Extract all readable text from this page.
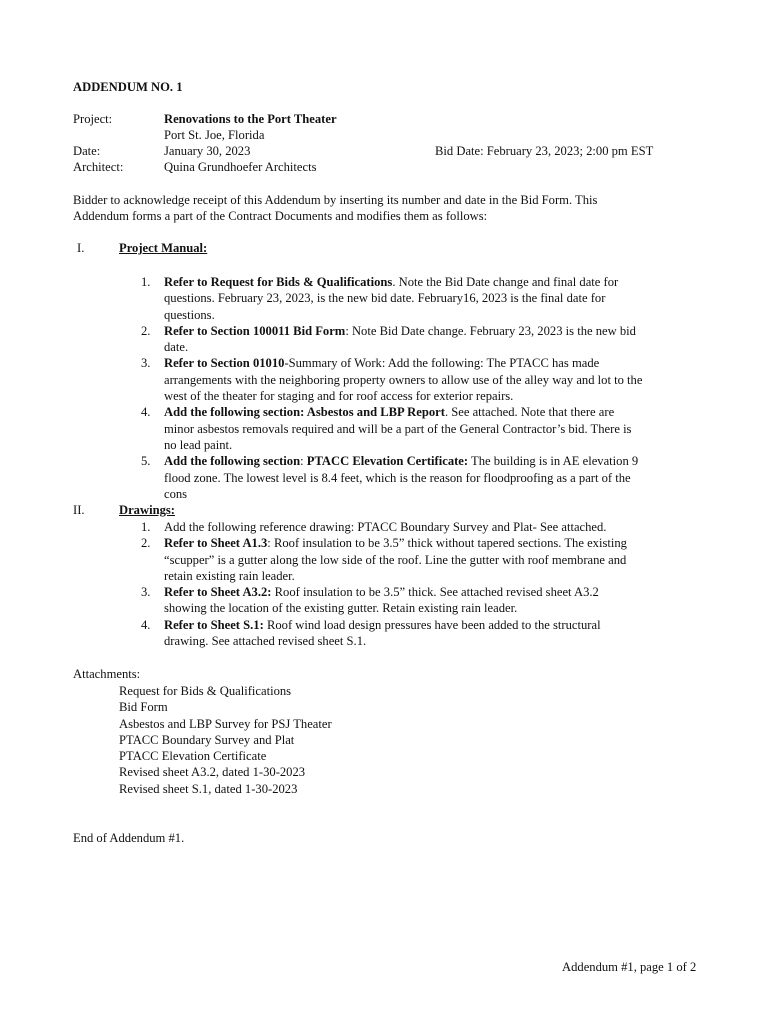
ADDENDUM NO. 1
Project:	Renovations to the Port Theater
Port St. Joe, Florida
Date:	January 30, 2023	Bid Date: February 23, 2023; 2:00 pm EST
Architect:	Quina Grundhoefer Architects
Bidder to acknowledge receipt of this Addendum by inserting its number and date in the Bid Form. This
Addendum forms a part of the Contract Documents and modifies them as follows:
I.	Project Manual:
1. Refer to Request for Bids & Qualifications. Note the Bid Date change and final date for
questions. February 23, 2023, is the new bid date. February16, 2023 is the final date for
questions.
2. Refer to Section 100011 Bid Form: Note Bid Date change. February 23, 2023 is the new bid
date.
3. Refer to Section 01010-Summary of Work: Add the following: The PTACC has made
arrangements with the neighboring property owners to allow use of the alley way and lot to the
west of the theater for staging and for roof access for exterior repairs.
4. Add the following section: Asbestos and LBP Report. See attached. Note that there are
minor asbestos removals required and will be a part of the General Contractor’s bid. There is
no lead paint.
5. Add the following section: PTACC Elevation Certificate: The building is in AE elevation 9
flood zone. The lowest level is 8.4 feet, which is the reason for floodproofing as a part of the
cons
II.	Drawings:
1. Add the following reference drawing: PTACC Boundary Survey and Plat- See attached.
2. Refer to Sheet A1.3: Roof insulation to be 3.5” thick without tapered sections. The existing
“scupper” is a gutter along the low side of the roof. Line the gutter with roof membrane and
retain existing rain leader.
3. Refer to Sheet A3.2: Roof insulation to be 3.5” thick. See attached revised sheet A3.2
showing the location of the existing gutter. Retain existing rain leader.
4. Refer to Sheet S.1: Roof wind load design pressures have been added to the structural
drawing. See attached revised sheet S.1.
Attachments:
Request for Bids & Qualifications
Bid Form
Asbestos and LBP Survey for PSJ Theater
PTACC Boundary Survey and Plat
PTACC Elevation Certificate
Revised sheet A3.2, dated 1-30-2023
Revised sheet S.1, dated 1-30-2023
End of Addendum #1.
Addendum #1, page 1 of 2
